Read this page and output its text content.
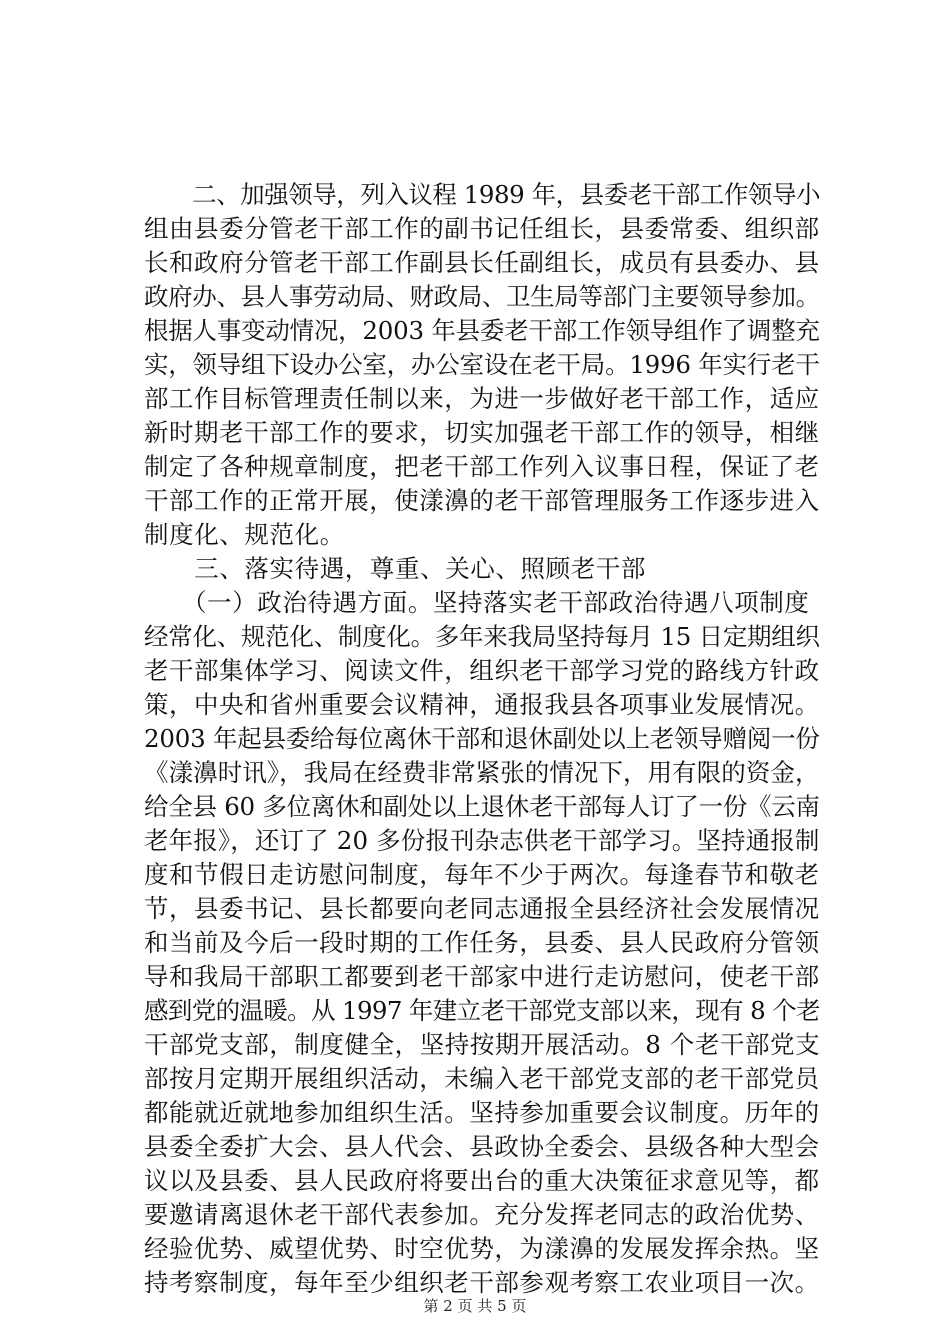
　　二、加强领导，列入议程 1989 年，县委老干部工作领导小
组由县委分管老干部工作的副书记任组长，县委常委、组织部
长和政府分管老干部工作副县长任副组长，成员有县委办、县
政府办、县人事劳动局、财政局、卫生局等部门主要领导参加。
根据人事变动情况，2003 年县委老干部工作领导组作了调整充
实，领导组下设办公室，办公室设在老干局。1996 年实行老干
部工作目标管理责任制以来，为进一步做好老干部工作，适应
新时期老干部工作的要求，切实加强老干部工作的领导，相继
制定了各种规章制度，把老干部工作列入议事日程，保证了老
干部工作的正常开展，使漾濞的老干部管理服务工作逐步进入
制度化、规范化。
　　三、落实待遇，尊重、关心、照顾老干部
　　（一）政治待遇方面。坚持落实老干部政治待遇八项制度
经常化、规范化、制度化。多年来我局坚持每月 15 日定期组织
老干部集体学习、阅读文件，组织老干部学习党的路线方针政
策，中央和省州重要会议精神，通报我县各项事业发展情况。
2003 年起县委给每位离休干部和退休副处以上老领导赠阅一份
《漾濞时讯》，我局在经费非常紧张的情况下，用有限的资金，
给全县 60 多位离休和副处以上退休老干部每人订了一份《云南
老年报》，还订了 20 多份报刊杂志供老干部学习。坚持通报制
度和节假日走访慰问制度，每年不少于两次。每逢春节和敬老
节，县委书记、县长都要向老同志通报全县经济社会发展情况
和当前及今后一段时期的工作任务，县委、县人民政府分管领
导和我局干部职工都要到老干部家中进行走访慰问，使老干部
感到党的温暖。从 1997 年建立老干部党支部以来，现有 8 个老
干部党支部，制度健全，坚持按期开展活动。8 个老干部党支
部按月定期开展组织活动，未编入老干部党支部的老干部党员
都能就近就地参加组织生活。坚持参加重要会议制度。历年的
县委全委扩大会、县人代会、县政协全委会、县级各种大型会
议以及县委、县人民政府将要出台的重大决策征求意见等，都
要邀请离退休老干部代表参加。充分发挥老同志的政治优势、
经验优势、威望优势、时空优势，为漾濞的发展发挥余热。坚
持考察制度，每年至少组织老干部参观考察工农业项目一次。
第 2 页 共 5 页
